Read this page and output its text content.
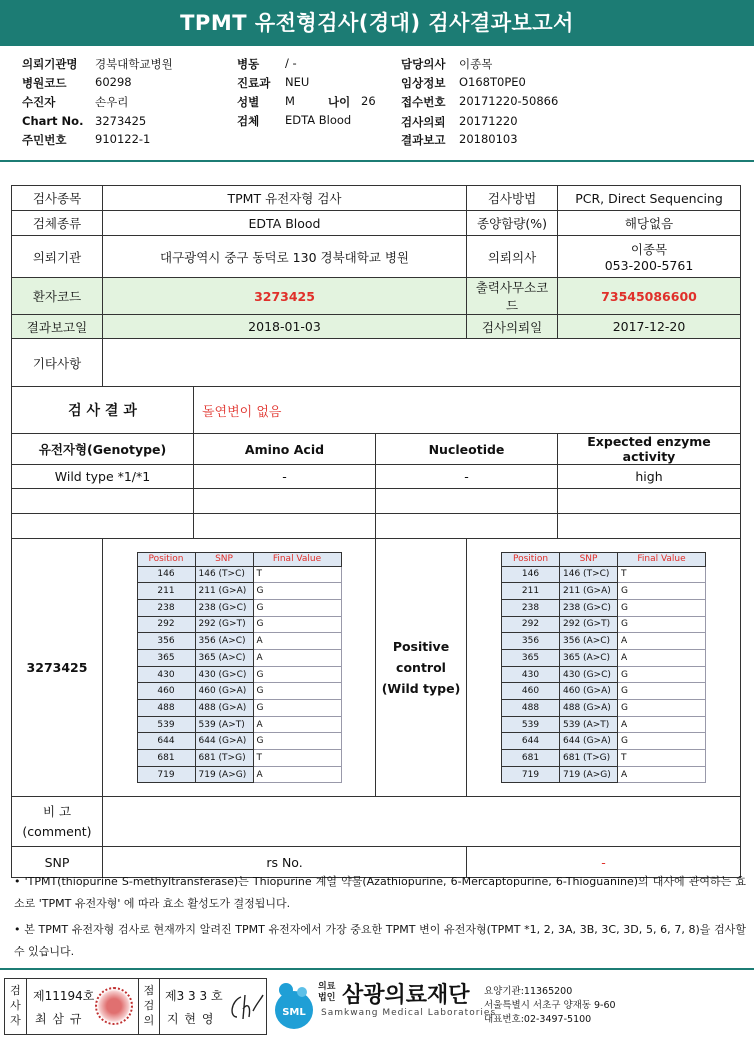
TPMT 유전형검사(경대) 검사결과보고서
의뢰기관명 경북대학교병원
병원코드 60298
수진자	손우리
Chart No. 3273425
주민번호 910122-1
병동 / -
진료과 NEU
성별 M	나이 26
검체 EDTA Blood
담당의사 이종목
임상정보 O168T0PE0
접수번호 20171220-50866
검사의뢰 20171220
결과보고 20180103
검사종목	TPMT 유전자형 검사	검사방법	PCR, Direct Sequencing
검체종류	EDTA Blood	종양함량(%)	해당없음
의뢰기관	대구광역시 중구 동덕로 130 경북대학교 병원	의뢰의사	이종목
053-200-5761

환자코드	3273425	출력사무소코드	73545086600
결과보고일	2018-01-03	검사의뢰일	2017-12-20
기타사항	
검 사 결 과	돌연변이 없음
유전자형(Genotype)	Amino Acid	Nucleotide	Expected enzyme activity
Wild type *1/*1	-	-	high

3273425	
Position	SNP	Final Value
146	146 (T>C)	T
211	211 (G>A)	G
238	238 (G>C)	G
292	292 (G>T)	G
356	356 (A>C)	A
365	365 (A>C)	A
430	430 (G>C)	G
460	460 (G>A)	G
488	488 (G>A)	G
539	539 (A>T)	A
644	644 (G>A)	G
681	681 (T>G)	T
719	719 (A>G)	A

Positive
control
(Wild type)

Position	SNP	Final Value
146	146 (T>C)	T
211	211 (G>A)	G
238	238 (G>C)	G
292	292 (G>T)	G
356	356 (A>C)	A
365	365 (A>C)	A
430	430 (G>C)	G
460	460 (G>A)	G
488	488 (G>A)	G
539	539 (A>T)	A
644	644 (G>A)	G
681	681 (T>G)	T
719	719 (A>G)	A

비 고
(comment)

SNP	rs No.	-
• 'TPMT(thiopurine S-methyltransferase)는 Thiopurine 계열 약물(Azathiopurine, 6-Mercaptopurine, 6-Thioguanine)의 대사에 관여하는 효소로 'TPMT 유전자형' 에 따라 효소 활성도가 결정됩니다.
• 본 TPMT 유전자형 검사로 현재까지 알려진 TPMT 유전자에서 가장 중요한 TPMT 변이 유전자형(TPMT *1, 2, 3A, 3B, 3C, 3D, 5, 6, 7, 8)을 검사할 수 있습니다.
검사자
제11194호
최 삼 규
점검의
제3 3 3 호
지 현 영	SML
의료
법인 삼광의료재단
Samkwang Medical Laboratories
요양기관:11365200
서울특별시 서초구 양재동 9-60
대표번호:02-3497-5100
